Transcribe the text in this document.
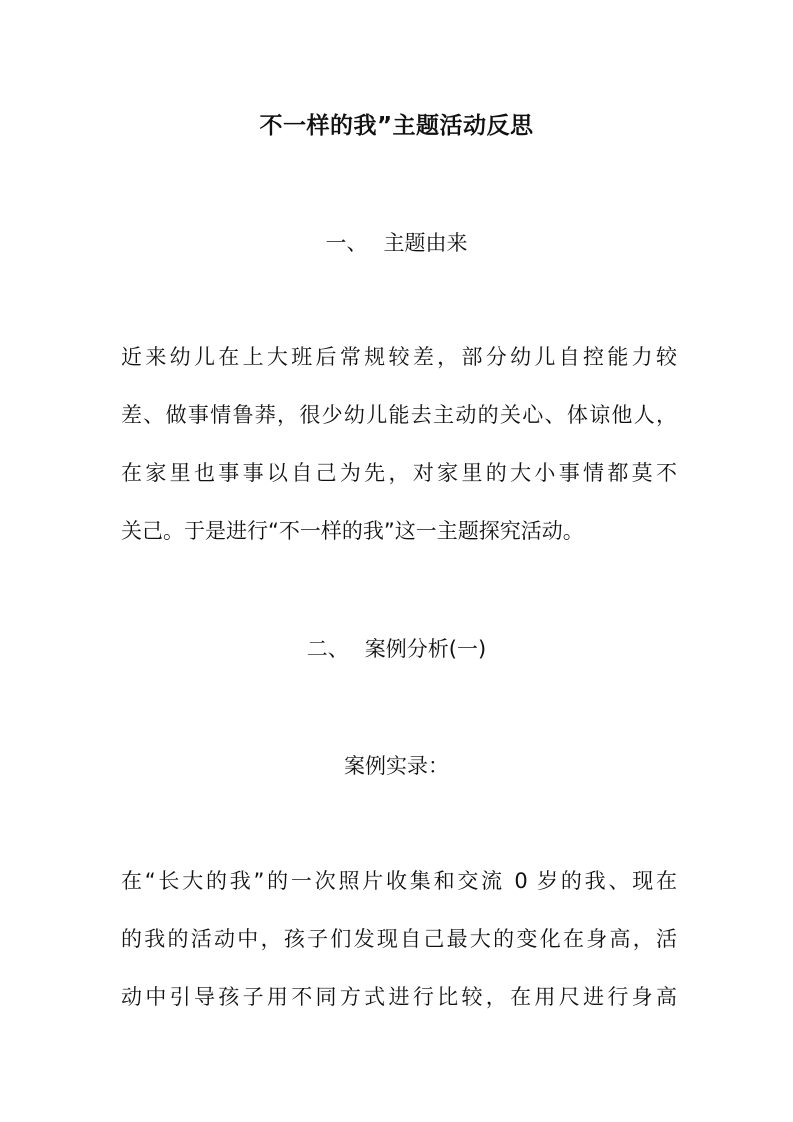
不一样的我”主题活动反思
一、 主题由来
近来幼儿在上大班后常规较差，部分幼儿自控能力较
差、做事情鲁莽，很少幼儿能去主动的关心、体谅他人，
在家里也事事以自己为先，对家里的大小事情都莫不
关己。于是进行“不一样的我”这一主题探究活动。
二、 案例分析(一)
案例实录：
在“长大的我”的一次照片收集和交流 0 岁的我、现在
的我的活动中，孩子们发现自己最大的变化在身高，活
动中引导孩子用不同方式进行比较，在用尺进行身高
